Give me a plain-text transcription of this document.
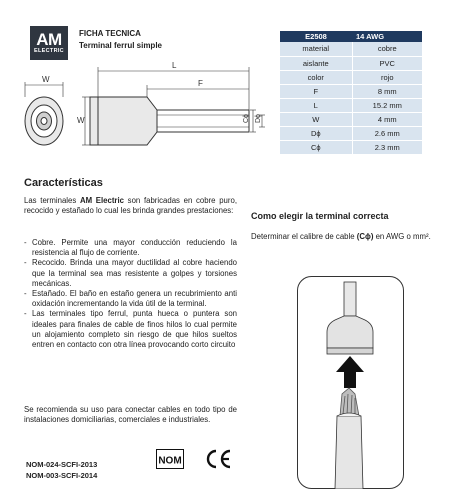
AM
ELECTRIC
FICHA TECNICA
Terminal ferrul simple
W
W
L
F
Dϕ
Cϕ
E2508	14 AWG
material	cobre
aislante	PVC
color	rojo
F	8 mm
L	15.2 mm
W	4 mm
Dϕ	2.6 mm
Cϕ	2.3 mm
Características

Las terminales AM Electric son fabricadas en cobre puro, recocido y estañado lo cual les brinda grandes prestaciones:

- Cobre. Permite una mayor conducción reduciendo la resistencia al flujo de corriente.
- Recocido. Brinda una mayor ductilidad al cobre haciendo que la terminal sea mas resistente a golpes y torsiones mecánicas.
- Estañado. El baño en estaño genera un recubrimiento anti oxidación incrementando la vida útil de la terminal.
- Las terminales tipo ferrul, punta hueca o puntera son ideales para finales de cable de finos hilos lo cual permite un alojamiento completo sin riesgo de que hilos sueltos entren en contacto con otra línea provocando corto circuito

Se recomienda su uso para conectar cables en todo tipo de instalaciones domiciliarias, comerciales e industriales.

NOM-024-SCFI-2013
NOM-003-SCFI-2014
NOM
Como elegir la terminal correcta

Determinar el calibre de cable (Cϕ) en AWG o mm².
